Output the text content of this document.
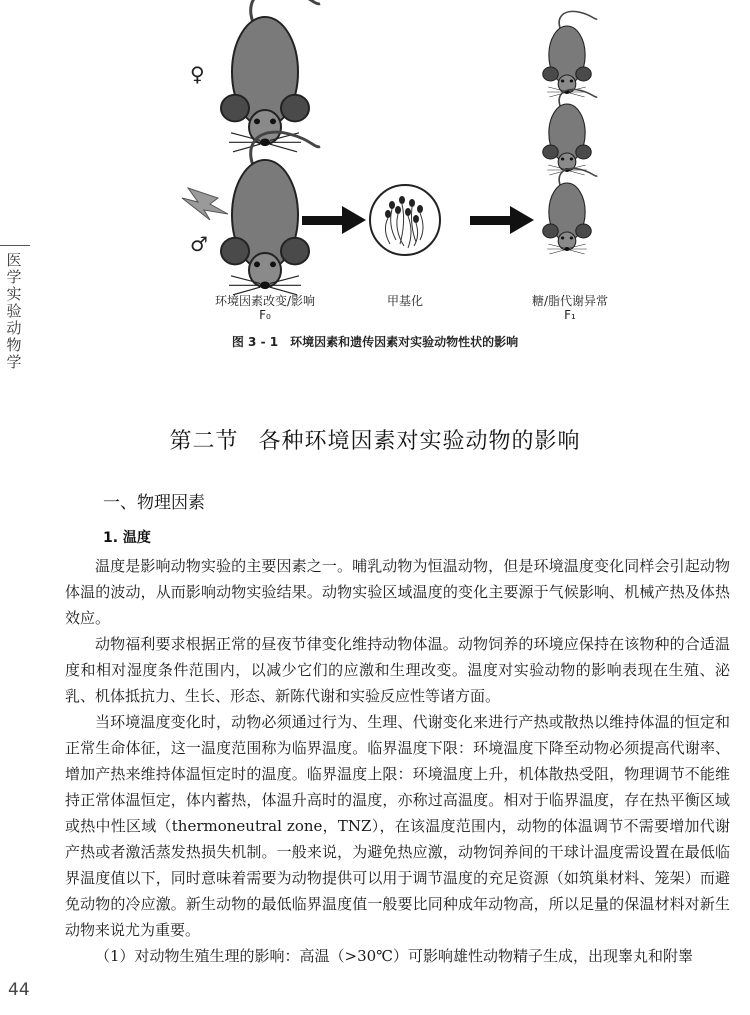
医学实验动物学
♀
♂
环境因素改变/影响
F₀
甲基化	糖/脂代谢异常
F₁
图 3 - 1 环境因素和遗传因素对实验动物性状的影响
第二节 各种环境因素对实验动物的影响
一、物理因素
1. 温度

温度是影响动物实验的主要因素之一。哺乳动物为恒温动物，但是环境温度变化同样会引起动物体温的波动，从而影响动物实验结果。动物实验区域温度的变化主要源于气候影响、机械产热及体热效应。

动物福利要求根据正常的昼夜节律变化维持动物体温。动物饲养的环境应保持在该物种的合适温度和相对湿度条件范围内，以减少它们的应激和生理改变。温度对实验动物的影响表现在生殖、泌乳、机体抵抗力、生长、形态、新陈代谢和实验反应性等诸方面。

当环境温度变化时，动物必须通过行为、生理、代谢变化来进行产热或散热以维持体温的恒定和正常生命体征，这一温度范围称为临界温度。临界温度下限：环境温度下降至动物必须提高代谢率、增加产热来维持体温恒定时的温度。临界温度上限：环境温度上升，机体散热受阻，物理调节不能维持正常体温恒定，体内蓄热，体温升高时的温度，亦称过高温度。相对于临界温度，存在热平衡区域或热中性区域（thermoneutral zone，TNZ），在该温度范围内，动物的体温调节不需要增加代谢产热或者激活蒸发热损失机制。一般来说，为避免热应激，动物饲养间的干球计温度需设置在最低临界温度值以下，同时意味着需要为动物提供可以用于调节温度的充足资源（如筑巢材料、笼架）而避免动物的冷应激。新生动物的最低临界温度值一般要比同种成年动物高，所以足量的保温材料对新生动物来说尤为重要。

（1）对动物生殖生理的影响：高温（>30℃）可影响雄性动物精子生成，出现睾丸和附睾

44
